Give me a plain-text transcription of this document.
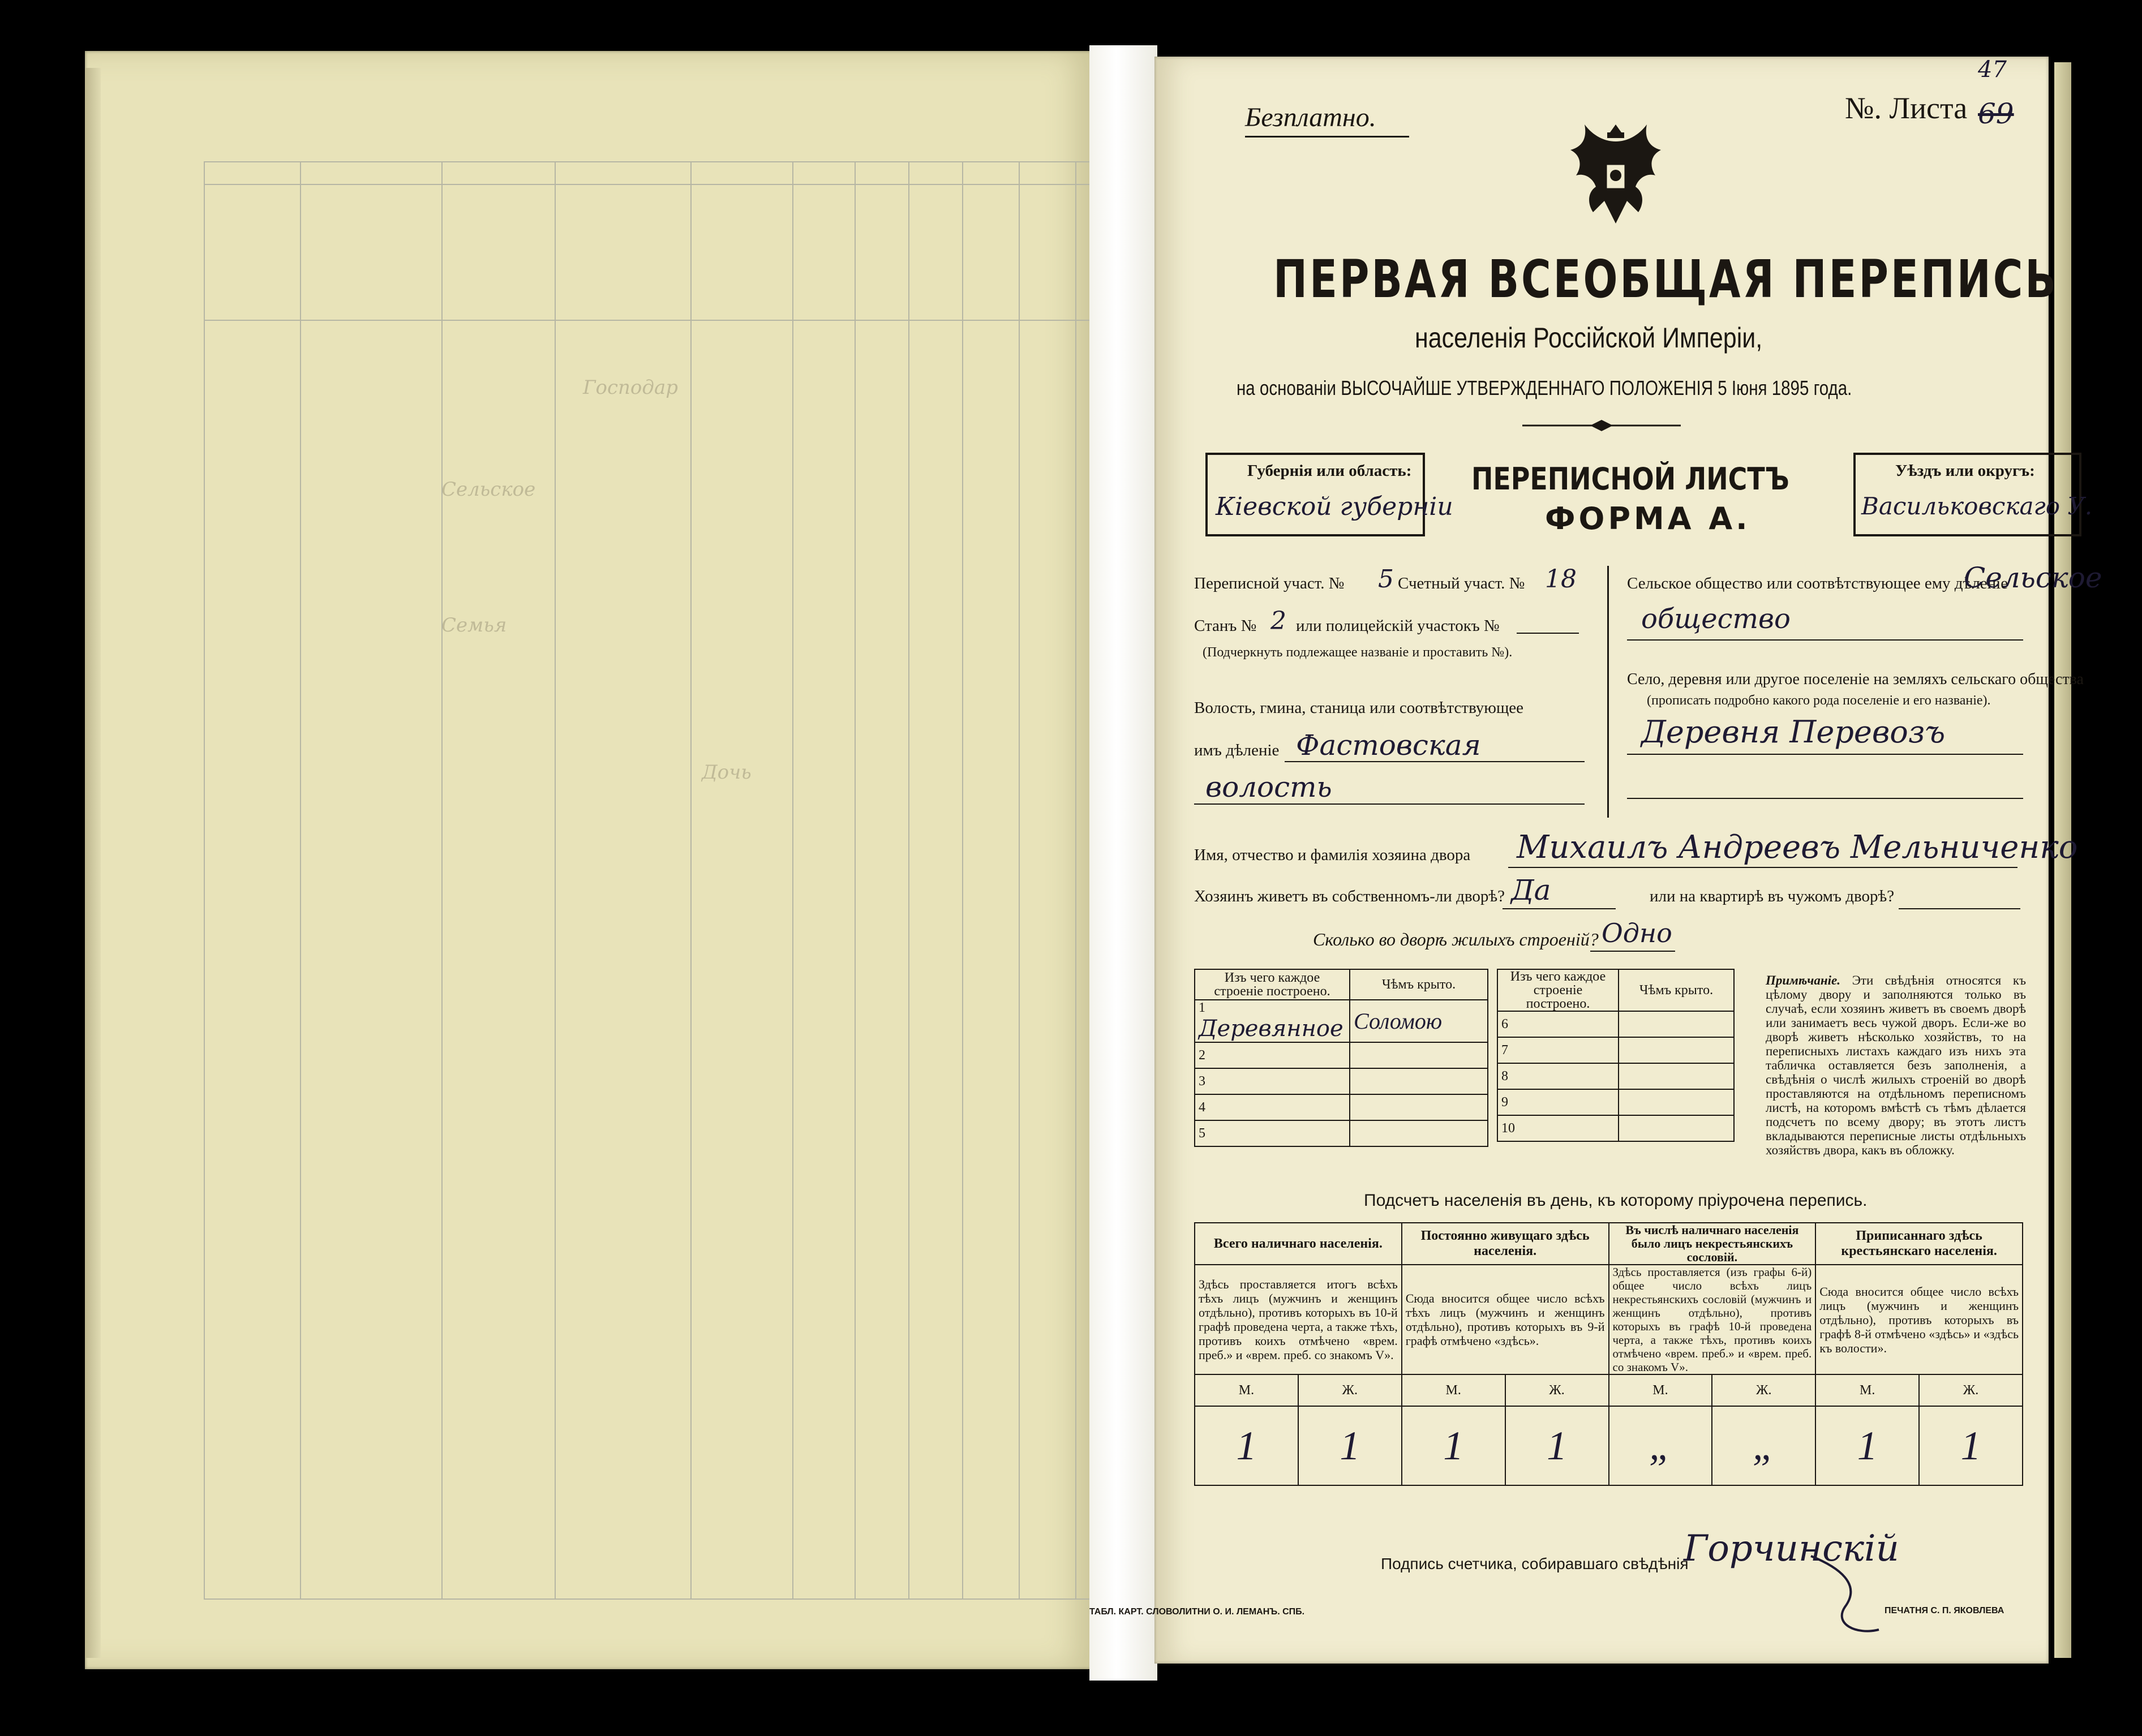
Господар
Сельское
Семья
Дочь
Безплатно.	№. Листа 69
47
ПЕРВАЯ ВСЕОБЩАЯ ПЕРЕПИСЬ
населенія Россійской Имперіи,
на основаніи ВЫСОЧАЙШЕ УТВЕРЖДЕННАГО ПОЛОЖЕНІЯ 5 Іюня 1895 года.
Губернія или область:
Кіевской губерніи
ПЕРЕПИСНОЙ ЛИСТЪ
ФОРМА А.
Уѣздъ или округъ:
Васильковскаго У.
Переписной участ. № 5 Счетный участ. № 18
Станъ № 2 или полицейскій участокъ №
(Подчеркнуть подлежащее названіе и проставить №).
Волость, гмина, станица или соотвѣтствующее
имъ дѣленіе Фастовская
волость
Сельское общество или соотвѣтствующее ему дѣленіе
Сельское
общество
Село, деревня или другое поселеніе на земляхъ сельскаго общества
(прописать подробно какого рода поселеніе и его названіе).
Деревня Перевозъ
Имя, отчество и фамилія хозяина двора Михаилъ Андреевъ Мельниченко
Хозяинъ живетъ въ собственномъ-ли дворѣ? Да	или на квартирѣ въ чужомъ дворѣ?
Сколько во дворѣ жилыхъ строеній? Одно
Изъ чего каждое строеніе построено.	Чѣмъ крыто.
1 Деревянное	Соломою
2	
3	
4	
5	
Изъ чего каждое строеніе построено.	Чѣмъ крыто.
6	
7	
8	
9	
10	
Примѣчаніе. Эти свѣдѣнія относятся къ цѣлому двору и заполняются только въ случаѣ, если хозяинъ живетъ въ своемъ дворѣ или занимаетъ весь чужой дворъ. Если-же во дворѣ живетъ нѣсколько хозяйствъ, то на переписныхъ листахъ каждаго изъ нихъ эта табличка оставляется безъ заполненія, а свѣдѣнія о числѣ жилыхъ строеній во дворѣ проставляются на отдѣльномъ переписномъ листѣ, на которомъ вмѣстѣ съ тѣмъ дѣлается подсчетъ по всему двору; въ этотъ листъ вкладываются переписные листы отдѣльныхъ хозяйствъ двора, какъ въ обложку.
Подсчетъ населенія въ день, къ которому пріурочена перепись.
Всего наличнаго населенія.		Постоянно живущаго здѣсь населенія.		Въ числѣ наличнаго населенія было лицъ некрестьянскихъ сословій.		Приписаннаго здѣсь крестьянскаго населенія.	
Здѣсь проставляется итогъ всѣхъ тѣхъ лицъ (мужчинъ и женщинъ отдѣльно), противъ которыхъ въ 10-й графѣ проведена черта, а также тѣхъ, противъ коихъ отмѣчено «врем. преб.» и «врем. преб. со знакомъ V».		Сюда вносится общее число всѣхъ тѣхъ лицъ (мужчинъ и женщинъ отдѣльно), противъ которыхъ въ 9-й графѣ отмѣчено «здѣсь».		Здѣсь проставляется (изъ графы 6-й) общее число всѣхъ лицъ некрестьянскихъ сословій (мужчинъ и женщинъ отдѣльно), противъ которыхъ въ графѣ 10-й проведена черта, а также тѣхъ, противъ коихъ отмѣчено «врем. преб.» и «врем. преб. со знакомъ V».		Сюда вносится общее число всѣхъ лицъ (мужчинъ и женщинъ отдѣльно), противъ которыхъ въ графѣ 8-й отмѣчено «здѣсь» и «здѣсь къ волости».	
М.	Ж.	М.	Ж.	М.	Ж.	М.	Ж.
1	1	1	1	„	„	1	1
Подпись счетчика, собиравшаго свѣдѣнія
Горчинскій
ТАБЛ. КАРТ. СЛОВОЛИТНИ О. И. ЛЕМАНЪ. СПБ.	ПЕЧАТНЯ С. П. ЯКОВЛЕВА
